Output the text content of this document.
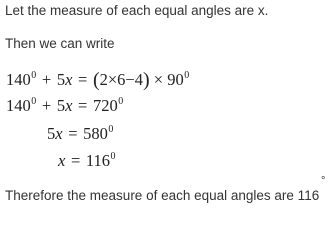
Let the measure of each equal angles are x.
Then we can write
$140^0 + 5x = (2\times 6-4) \times 90^0$
$140^0 + 5x = 720^0$
$5x = 580^0$
$x = 116^0$
Therefore the measure of each equal angles are 116
°
